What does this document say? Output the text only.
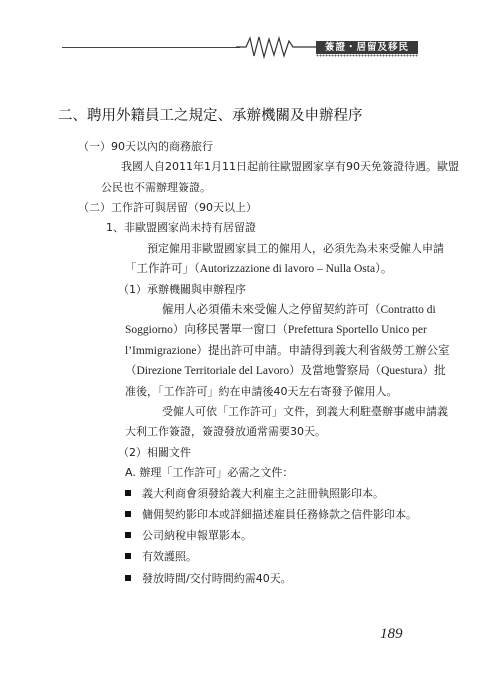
簽證・居留及移民
二、聘用外籍員工之規定、承辦機關及申辦程序
（一）90天以內的商務旅行
我國人自2011年1月11日起前往歐盟國家享有90天免簽證待遇。歐盟
公民也不需辦理簽證。
（二）工作許可與居留（90天以上）
1、非歐盟國家尚未持有居留證
預定僱用非歐盟國家員工的僱用人，必須先為未來受僱人申請
「工作許可」（Autorizzazione di lavoro – Nulla Osta）。
（1）承辦機關與申辦程序
僱用人必須備未來受僱人之停留契約許可（Contratto di
Soggiorno）向移民署單一窗口（Prefettura Sportello Unico per
l’Immigrazione）提出許可申請。申請得到義大利省級勞工辦公室
（Direzione Territoriale del Lavoro）及當地警察局（Questura）批
准後，「工作許可」約在申請後40天左右寄發予僱用人。
受僱人可依「工作許可」文件，到義大利駐臺辦事處申請義
大利工作簽證，簽證發放通常需要30天。
（2）相關文件
A. 辦理「工作許可」必需之文件：
義大利商會須發給義大利雇主之註冊執照影印本。
傭佣契約影印本或詳細描述雇員任務條款之信件影印本。
公司納稅申報單影本。
有效護照。
發放時間/交付時間約需40天。
189
